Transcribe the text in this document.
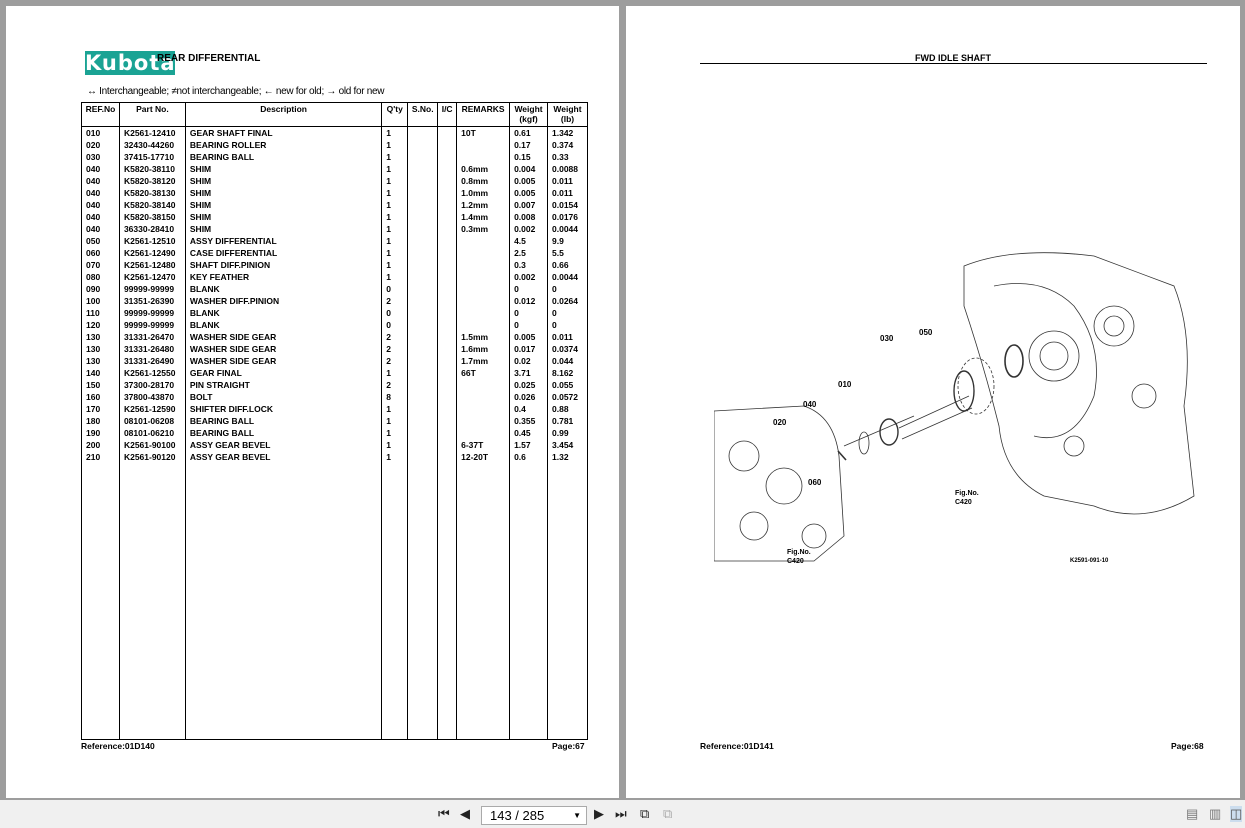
Kubota
REAR DIFFERENTIAL
↔ Interchangeable; ≠not interchangeable; ← new for old; → old for new
REF.No	Part No.	Description	Q'ty	S.No.	I/C	REMARKS	Weight (kgf)	Weight (lb)
010	K2561-12410	GEAR SHAFT FINAL	1			10T	0.61	1.342
020	32430-44260	BEARING ROLLER	1				0.17	0.374
030	37415-17710	BEARING BALL	1				0.15	0.33
040	K5820-38110	SHIM	1			0.6mm	0.004	0.0088
040	K5820-38120	SHIM	1			0.8mm	0.005	0.011
040	K5820-38130	SHIM	1			1.0mm	0.005	0.011
040	K5820-38140	SHIM	1			1.2mm	0.007	0.0154
040	K5820-38150	SHIM	1			1.4mm	0.008	0.0176
040	36330-28410	SHIM	1			0.3mm	0.002	0.0044
050	K2561-12510	ASSY DIFFERENTIAL	1				4.5	9.9
060	K2561-12490	CASE DIFFERENTIAL	1				2.5	5.5
070	K2561-12480	SHAFT DIFF.PINION	1				0.3	0.66
080	K2561-12470	KEY FEATHER	1				0.002	0.0044
090	99999-99999	BLANK	0				0	0
100	31351-26390	WASHER DIFF.PINION	2				0.012	0.0264
110	99999-99999	BLANK	0				0	0
120	99999-99999	BLANK	0				0	0
130	31331-26470	WASHER SIDE GEAR	2			1.5mm	0.005	0.011
130	31331-26480	WASHER SIDE GEAR	2			1.6mm	0.017	0.0374
130	31331-26490	WASHER SIDE GEAR	2			1.7mm	0.02	0.044
140	K2561-12550	GEAR FINAL	1			66T	3.71	8.162
150	37300-28170	PIN STRAIGHT	2				0.025	0.055
160	37800-43870	BOLT	8				0.026	0.0572
170	K2561-12590	SHIFTER DIFF.LOCK	1				0.4	0.88
180	08101-06208	BEARING BALL	1				0.355	0.781
190	08101-06210	BEARING BALL	1				0.45	0.99
200	K2561-90100	ASSY GEAR BEVEL	1			6-37T	1.57	3.454
210	K2561-90120	ASSY GEAR BEVEL	1			12-20T	0.6	1.32

Reference:01D140	Page:67
FWD IDLE SHAFT
030
050
010
040
020
060
Fig.No.
C420
Fig.No.
C420	K2591-091-10
Reference:01D141	Page:68
⏮ ◀	▶ ⏭ ⧉ ⧉	▤ ▥ ◫
143 / 285	▼
